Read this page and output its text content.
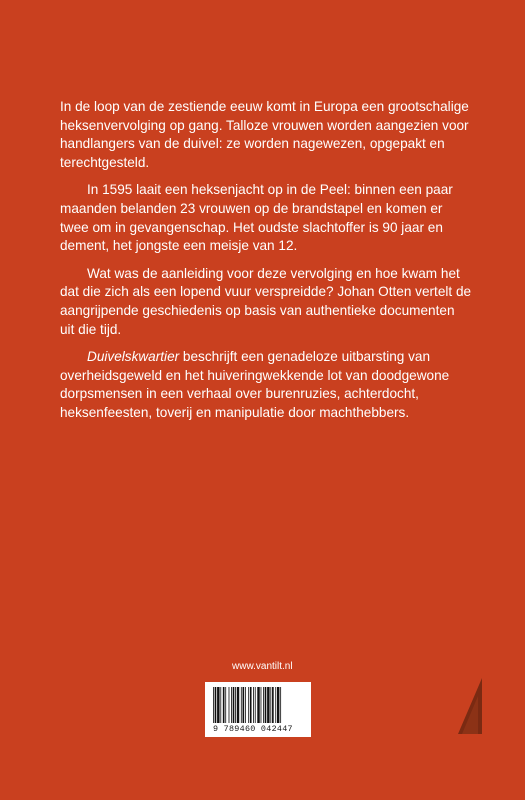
In de loop van de zestiende eeuw komt in Europa een grootschalige heksenvervolging op gang. Talloze vrouwen worden aangezien voor handlangers van de duivel: ze worden nagewezen, opgepakt en terechtgesteld.

In 1595 laait een heksenjacht op in de Peel: binnen een paar maanden belanden 23 vrouwen op de brandstapel en komen er twee om in gevangenschap. Het oudste slachtoffer is 90 jaar en dement, het jongste een meisje van 12.

Wat was de aanleiding voor deze vervolging en hoe kwam het dat die zich als een lopend vuur verspreidde? Johan Otten vertelt de aangrijpende geschiedenis op basis van authentieke documenten uit die tijd.

Duivelskwartier beschrijft een genadeloze uitbarsting van overheidsgeweld en het huiveringwekkende lot van doodgewone dorpsmensen in een verhaal over burenruzies, achterdocht, heksenfeesten, toverij en manipulatie door machthebbers.

www.vantilt.nl
9 789460 042447
